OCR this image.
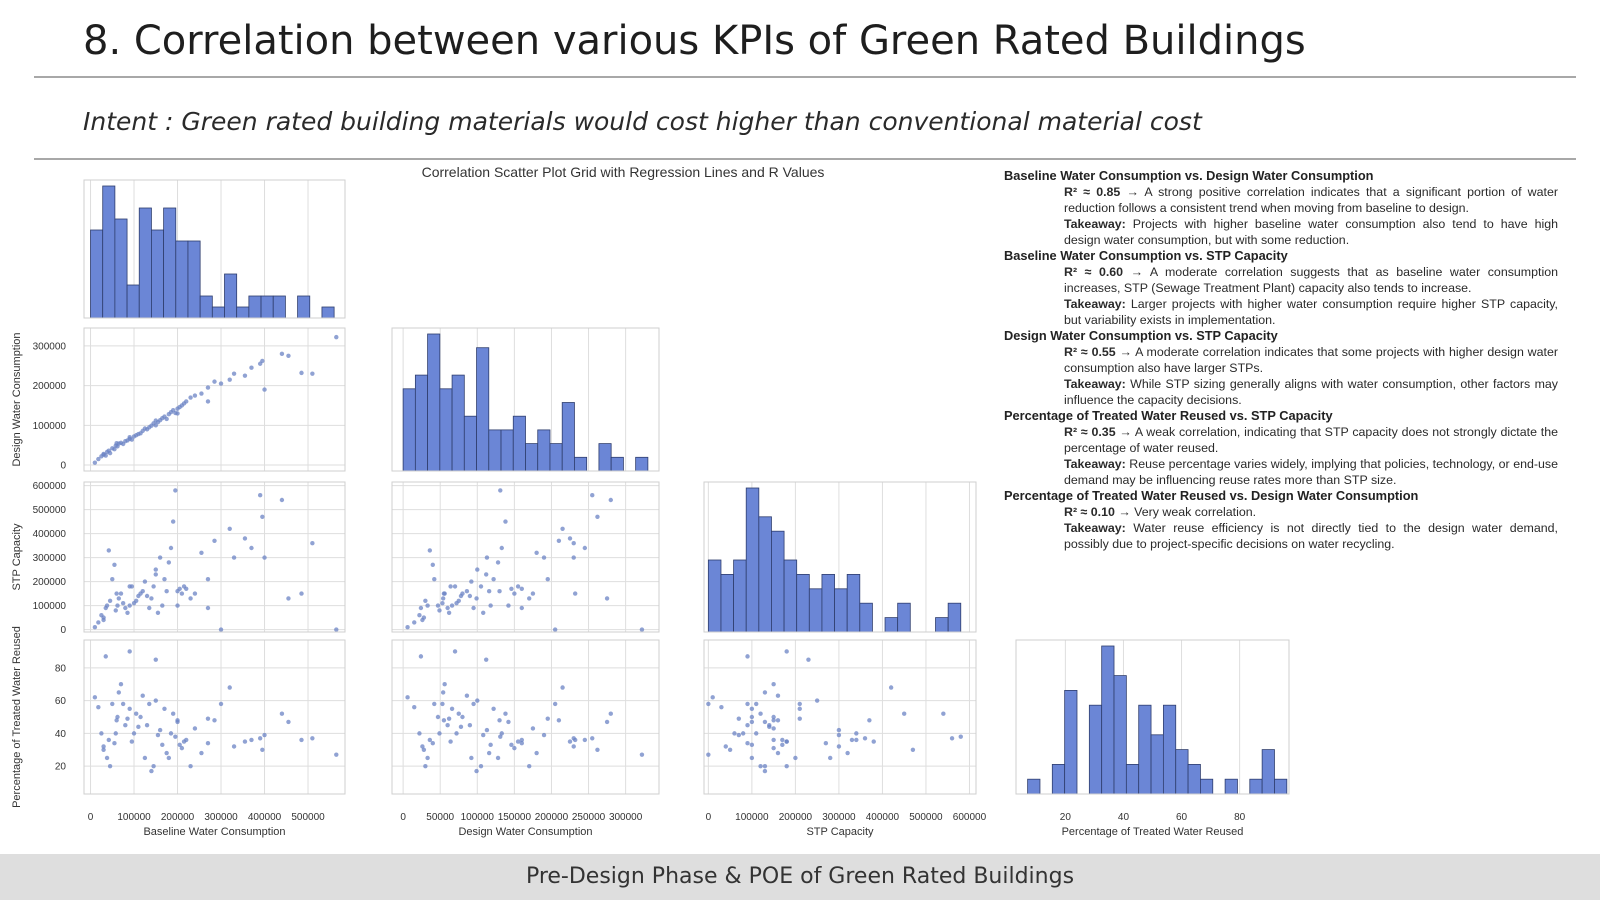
8. Correlation between various KPIs of Green Rated Buildings
Intent : Green rated building materials would cost higher than conventional material cost
Correlation Scatter Plot Grid with Regression Lines and R Values
0
100000
200000
300000
Design Water Consumption
0
100000
200000
300000
400000
500000
600000
STP Capacity
20
40
60
80
Percentage of Treated Water Reused
0 100000 200000 300000 400000 500000
Baseline Water Consumption
0 50000 100000 150000 200000 250000 300000
Design Water Consumption
0 100000 200000 300000 400000 500000 600000
STP Capacity
20	40	60	80
Percentage of Treated Water Reused
Baseline Water Consumption vs. Design Water Consumption

R² ≈ 0.85 → A strong positive correlation indicates that a significant portion of water reduction follows a consistent trend when moving from baseline to design.

Takeaway: Projects with higher baseline water consumption also tend to have high design water consumption, but with some reduction.

Baseline Water Consumption vs. STP Capacity

R² ≈ 0.60 → A moderate correlation suggests that as baseline water consumption increases, STP (Sewage Treatment Plant) capacity also tends to increase.

Takeaway: Larger projects with higher water consumption require higher STP capacity, but variability exists in implementation.

Design Water Consumption vs. STP Capacity

R² ≈ 0.55 → A moderate correlation indicates that some projects with higher design water consumption also have larger STPs.

Takeaway: While STP sizing generally aligns with water consumption, other factors may influence the capacity decisions.

Percentage of Treated Water Reused vs. STP Capacity

R² ≈ 0.35 → A weak correlation, indicating that STP capacity does not strongly dictate the percentage of water reused.

Takeaway: Reuse percentage varies widely, implying that policies, technology, or end-use demand may be influencing reuse rates more than STP size.

Percentage of Treated Water Reused vs. Design Water Consumption

R² ≈ 0.10 → Very weak correlation.

Takeaway: Water reuse efficiency is not directly tied to the design water demand, possibly due to project-specific decisions on water recycling.

Pre-Design Phase & POE of Green Rated Buildings
